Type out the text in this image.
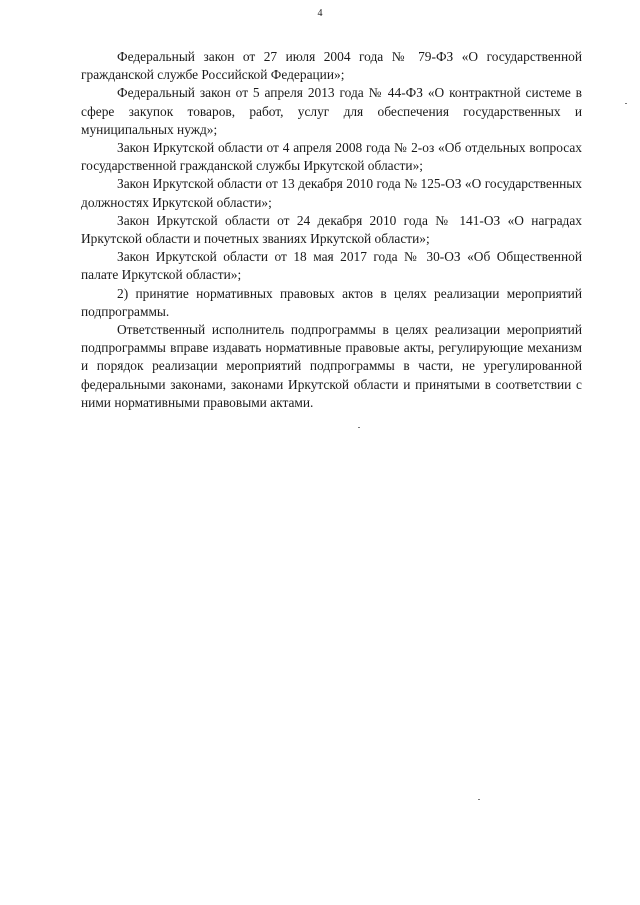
4

Федеральный закон от 27 июля 2004 года № 79-ФЗ «О государственной гражданской службе Российской Федерации»;

Федеральный закон от 5 апреля 2013 года № 44-ФЗ «О контрактной системе в сфере закупок товаров, работ, услуг для обеспечения государственных и муниципальных нужд»;

Закон Иркутской области от 4 апреля 2008 года № 2-оз «Об отдельных вопросах государственной гражданской службы Иркутской области»;

Закон Иркутской области от 13 декабря 2010 года № 125-ОЗ «О государственных должностях Иркутской области»;

Закон Иркутской области от 24 декабря 2010 года № 141-ОЗ «О наградах Иркутской области и почетных званиях Иркутской области»;

Закон Иркутской области от 18 мая 2017 года № 30-ОЗ «Об Общественной палате Иркутской области»;

2) принятие нормативных правовых актов в целях реализации мероприятий подпрограммы.

Ответственный исполнитель подпрограммы в целях реализации мероприятий подпрограммы вправе издавать нормативные правовые акты, регулирующие механизм и порядок реализации мероприятий подпрограммы в части, не урегулированной федеральными законами, законами Иркутской области и принятыми в соответствии с ними нормативными правовыми актами.
